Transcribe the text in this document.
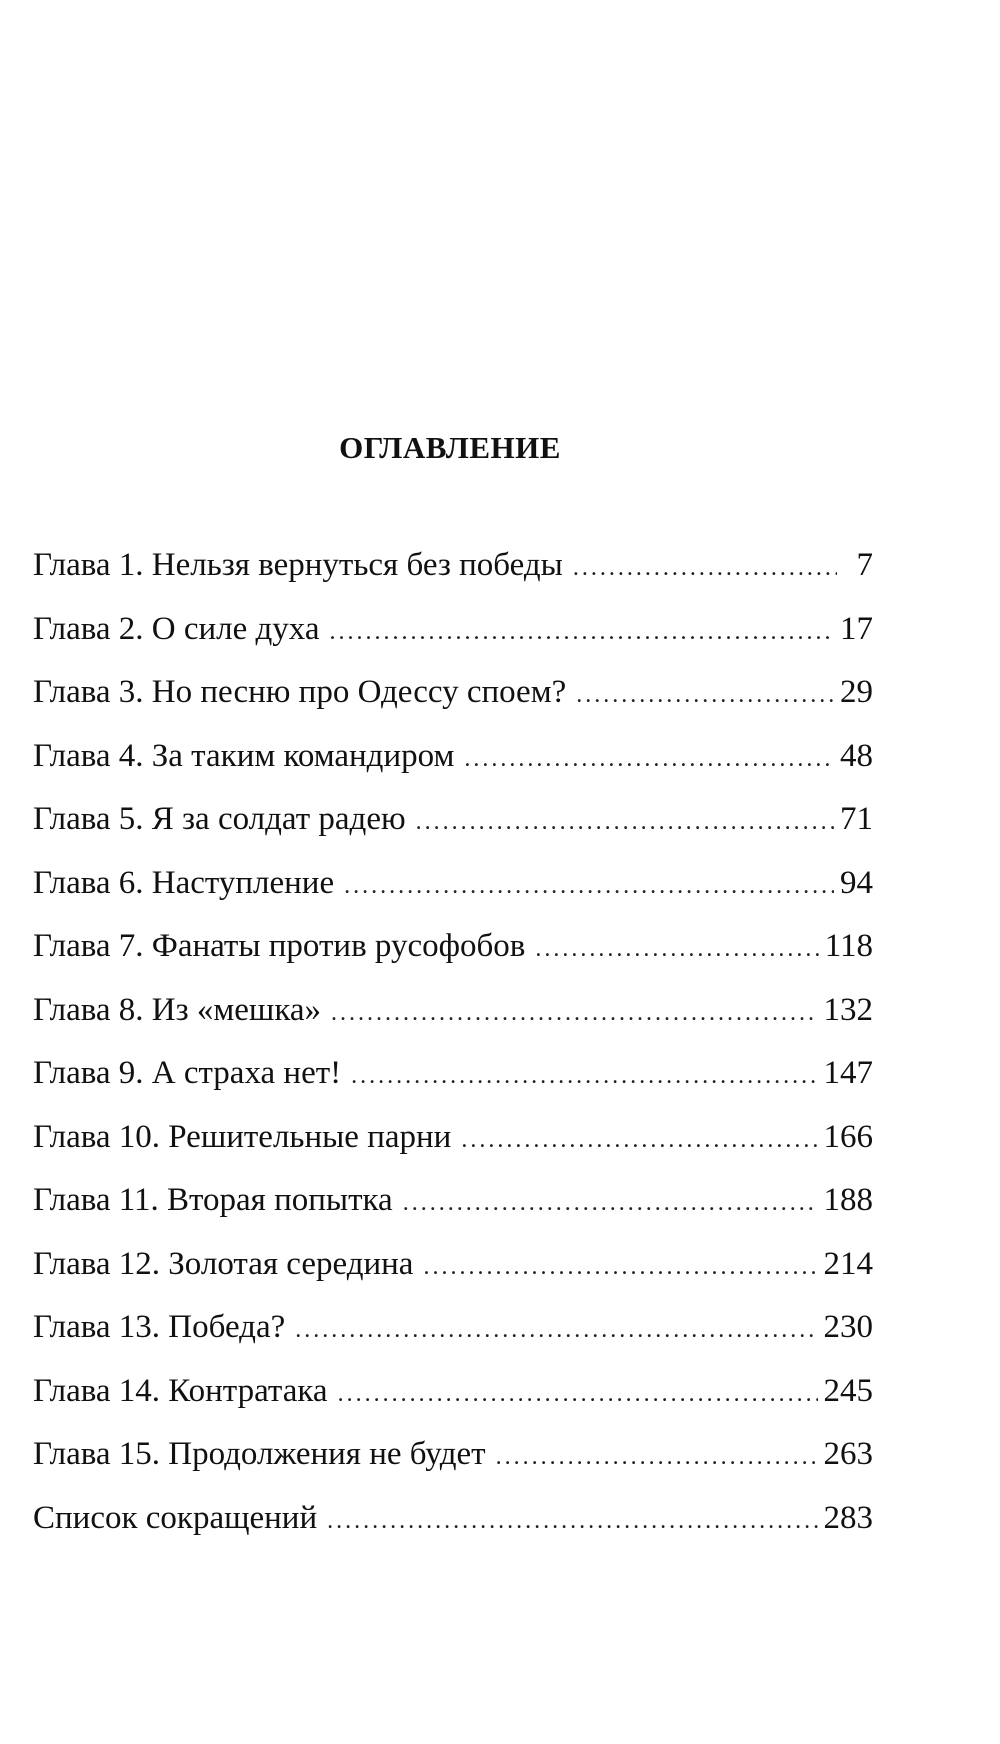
ОГЛАВЛЕНИЕ
Глава 1. Нельзя вернуться без победы .....	7
Глава 2. О силе духа .....	17
Глава 3. Но песню про Одессу споем? .....	29
Глава 4. За таким командиром .....	48
Глава 5. Я за солдат радею .....	71
Глава 6. Наступление .....	94
Глава 7. Фанаты против русофобов .....	118
Глава 8. Из «мешка» .....	132
Глава 9. А страха нет! .....	147
Глава 10. Решительные парни .....	166
Глава 11. Вторая попытка .....	188
Глава 12. Золотая середина .....	214
Глава 13. Победа? .....	230
Глава 14. Контратака .....	245
Глава 15. Продолжения не будет .....	263
Список сокращений .....	283
